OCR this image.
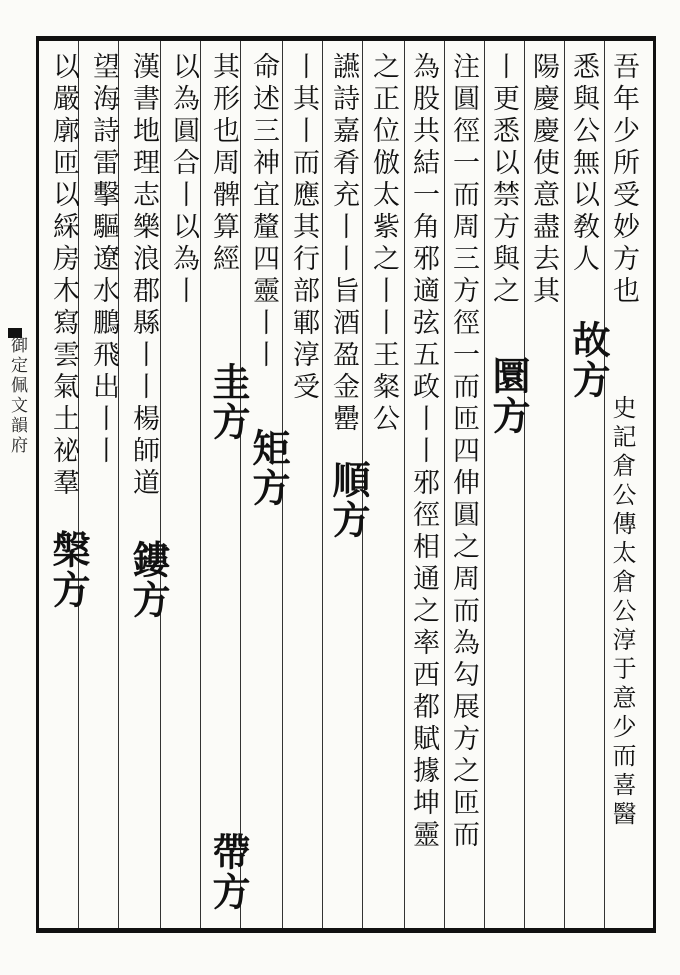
御定佩文韻府
吾年少所受妙方也
悉與公無以敎人
陽慶慶使意盡去其
丨更悉以禁方與之
注圓徑一而周三方徑一而匝四伸圓之周而為勾展方之匝而
為股共結一角邪適弦五政丨丨邪徑相通之率西都賦據坤靈
之正位倣太紫之丨丨王粲公
讌詩嘉肴充丨丨旨酒盈金罍
丨其丨而應其行部鄆淳受
命述三神宜釐四靈丨丨
其形也周髀算經
以為圓合丨以為丨
漢書地理志樂浪郡縣丨丨楊師道
望海詩雷擊驅遼水鵬飛出丨丨
以嚴廓匝以綵房木寫雲氣土祕羣	故方
圜方
順方
矩方
圭方
鏤方
帶方
槃方	史記倉公傳太倉公淳于意少而喜醫
